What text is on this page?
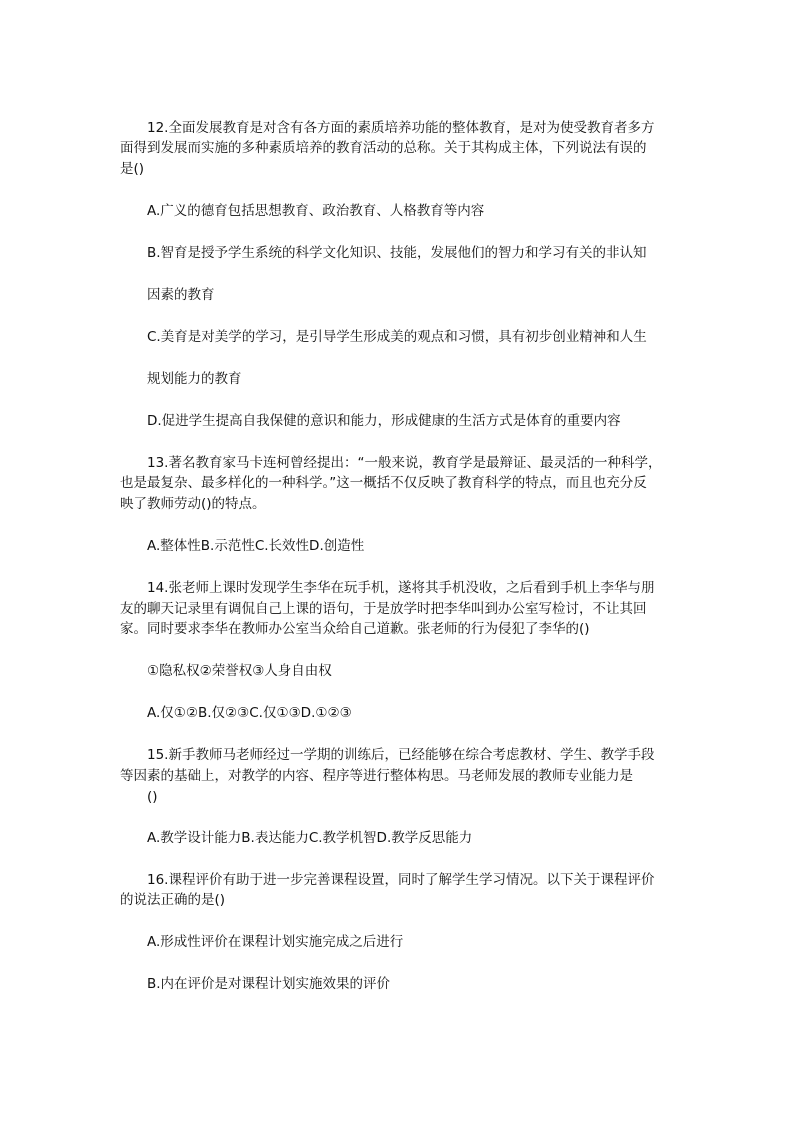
12.全面发展教育是对含有各方面的素质培养功能的整体教育，是对为使受教育者多方
面得到发展而实施的多种素质培养的教育活动的总称。关于其构成主体，下列说法有误的
是()
A.广义的德育包括思想教育、政治教育、人格教育等内容
B.智育是授予学生系统的科学文化知识、技能，发展他们的智力和学习有关的非认知
因素的教育
C.美育是对美学的学习，是引导学生形成美的观点和习惯，具有初步创业精神和人生
规划能力的教育
D.促进学生提高自我保健的意识和能力，形成健康的生活方式是体育的重要内容
13.著名教育家马卡连柯曾经提出：“一般来说，教育学是最辩证、最灵活的一种科学，
也是最复杂、最多样化的一种科学。”这一概括不仅反映了教育科学的特点，而且也充分反
映了教师劳动()的特点。
A.整体性B.示范性C.长效性D.创造性
14.张老师上课时发现学生李华在玩手机，遂将其手机没收，之后看到手机上李华与朋
友的聊天记录里有调侃自己上课的语句，于是放学时把李华叫到办公室写检讨，不让其回
家。同时要求李华在教师办公室当众给自己道歉。张老师的行为侵犯了李华的()
①隐私权②荣誉权③人身自由权
A.仅①②B.仅②③C.仅①③D.①②③
15.新手教师马老师经过一学期的训练后，已经能够在综合考虑教材、学生、教学手段
等因素的基础上，对教学的内容、程序等进行整体构思。马老师发展的教师专业能力是
()
A.教学设计能力B.表达能力C.教学机智D.教学反思能力
16.课程评价有助于进一步完善课程设置，同时了解学生学习情况。以下关于课程评价
的说法正确的是()
A.形成性评价在课程计划实施完成之后进行
B.内在评价是对课程计划实施效果的评价
